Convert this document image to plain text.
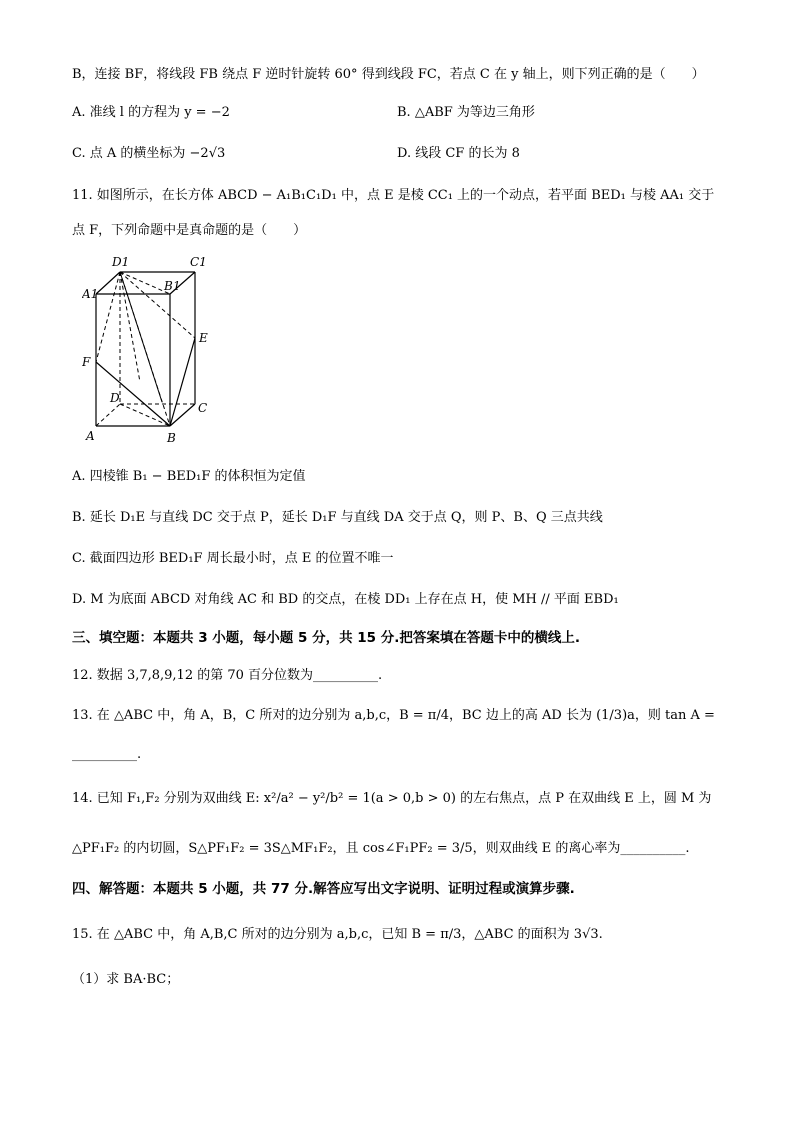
B，连接 BF，将线段 FB 绕点 F 逆时针旋转 60° 得到线段 FC，若点 C 在 y 轴上，则下列正确的是（　　）
A. 准线 l 的方程为 y = −2	B. △ABF 为等边三角形
C. 点 A 的横坐标为 −2√3	D. 线段 CF 的长为 8
11. 如图所示，在长方体 ABCD − A₁B₁C₁D₁ 中，点 E 是棱 CC₁ 上的一个动点，若平面 BED₁ 与棱 AA₁ 交于
点 F，下列命题中是真命题的是（　　）
D1	C1
A1
B1
E
F
D
C
A	B
A. 四棱锥 B₁ − BED₁F 的体积恒为定值
B. 延长 D₁E 与直线 DC 交于点 P，延长 D₁F 与直线 DA 交于点 Q，则 P、B、Q 三点共线
C. 截面四边形 BED₁F 周长最小时，点 E 的位置不唯一
D. M 为底面 ABCD 对角线 AC 和 BD 的交点，在棱 DD₁ 上存在点 H，使 MH // 平面 EBD₁
三、填空题：本题共 3 小题，每小题 5 分，共 15 分.把答案填在答题卡中的横线上.
12. 数据 3,7,8,9,12 的第 70 百分位数为__________.
13. 在 △ABC 中，角 A，B，C 所对的边分别为 a,b,c，B = π/4，BC 边上的高 AD 长为 (1/3)a，则 tan A =
__________.
14. 已知 F₁,F₂ 分别为双曲线 E: x²/a² − y²/b² = 1(a > 0,b > 0) 的左右焦点，点 P 在双曲线 E 上，圆 M 为
△PF₁F₂ 的内切圆，S△PF₁F₂ = 3S△MF₁F₂，且 cos∠F₁PF₂ = 3/5，则双曲线 E 的离心率为__________.
四、解答题：本题共 5 小题，共 77 分.解答应写出文字说明、证明过程或演算步骤.
15. 在 △ABC 中，角 A,B,C 所对的边分别为 a,b,c，已知 B = π/3，△ABC 的面积为 3√3.
（1）求 BA·BC；
